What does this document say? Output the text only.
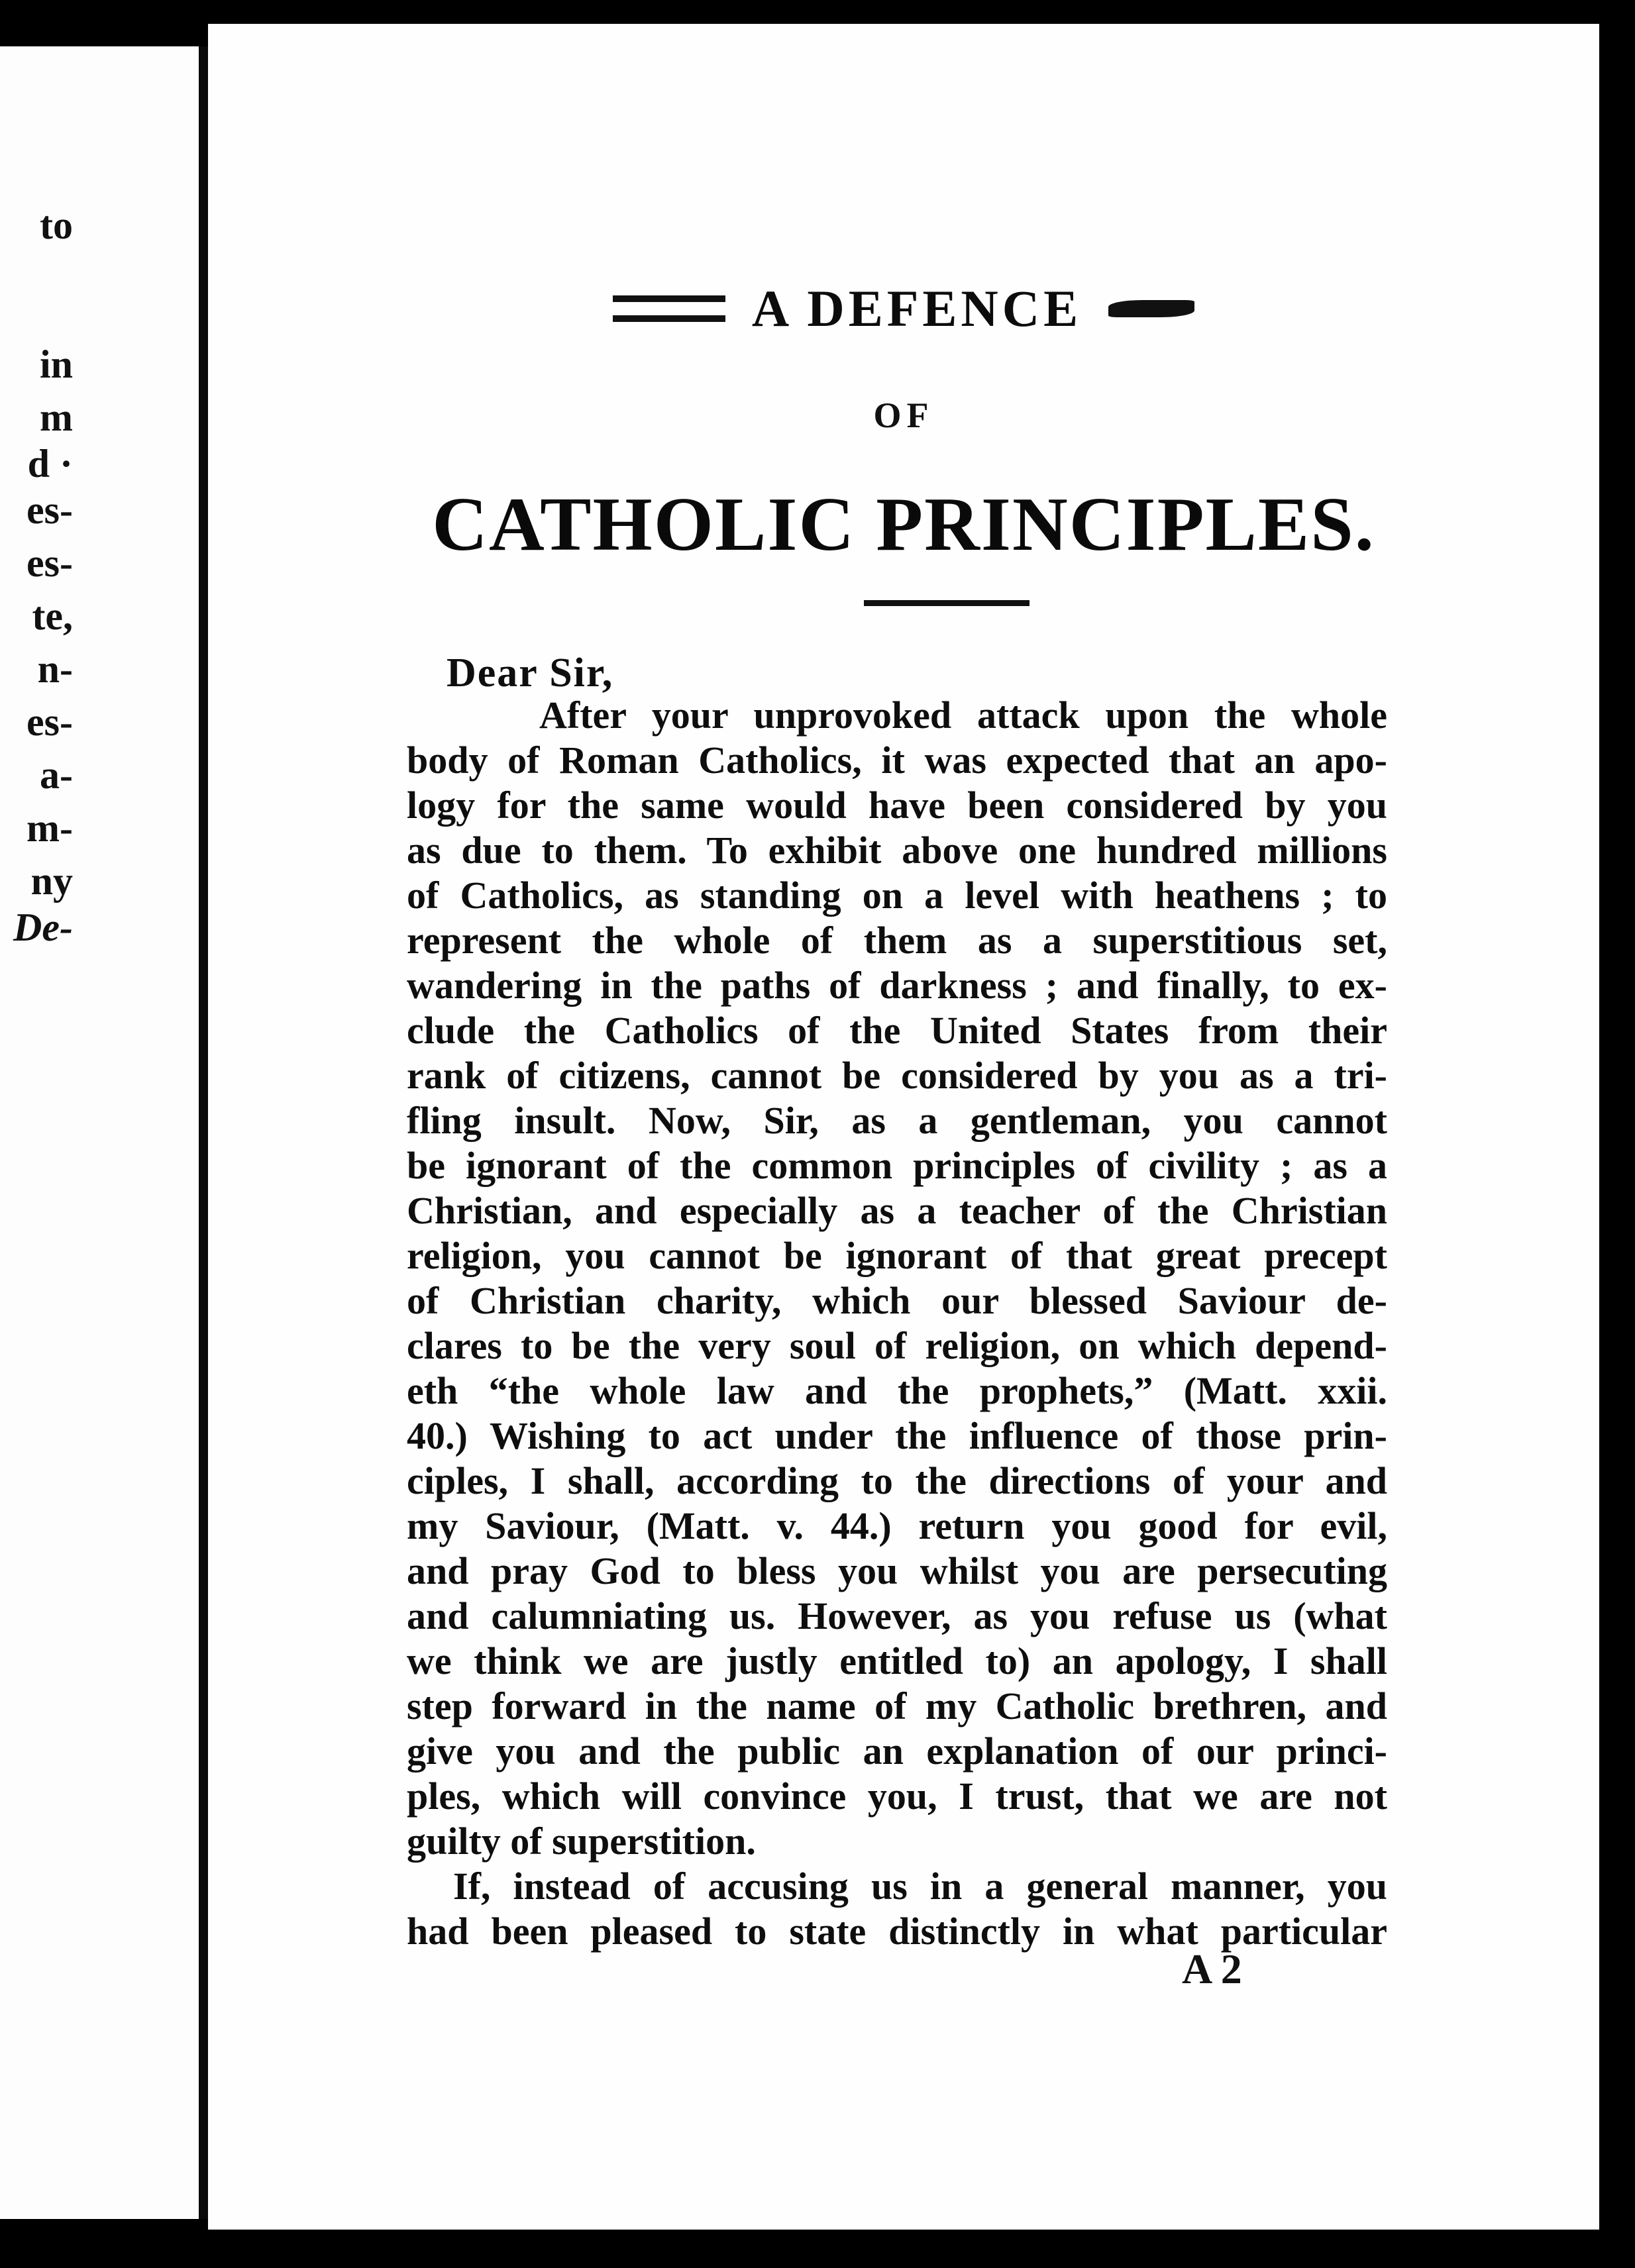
to
in
m
d ·
es-
es-
te,
n-
es-
a-
m-
ny
De-
A DEFENCE
OF
CATHOLIC PRINCIPLES.
Dear Sir,
After your unprovoked attack upon the whole
body of Roman Catholics, it was expected that an apo-
logy for the same would have been considered by you
as due to them. To exhibit above one hundred millions
of Catholics, as standing on a level with heathens ; to
represent the whole of them as a superstitious set,
wandering in the paths of darkness ; and finally, to ex-
clude the Catholics of the United States from their
rank of citizens, cannot be considered by you as a tri-
fling insult. Now, Sir, as a gentleman, you cannot
be ignorant of the common principles of civility ; as a
Christian, and especially as a teacher of the Christian
religion, you cannot be ignorant of that great precept
of Christian charity, which our blessed Saviour de-
clares to be the very soul of religion, on which depend-
eth “the whole law and the prophets,” (Matt. xxii.
40.) Wishing to act under the influence of those prin-
ciples, I shall, according to the directions of your and
my Saviour, (Matt. v. 44.) return you good for evil,
and pray God to bless you whilst you are persecuting
and calumniating us. However, as you refuse us (what
we think we are justly entitled to) an apology, I shall
step forward in the name of my Catholic brethren, and
give you and the public an explanation of our princi-
ples, which will convince you, I trust, that we are not
guilty of superstition.
If, instead of accusing us in a general manner, you
had been pleased to state distinctly in what particular
A 2
